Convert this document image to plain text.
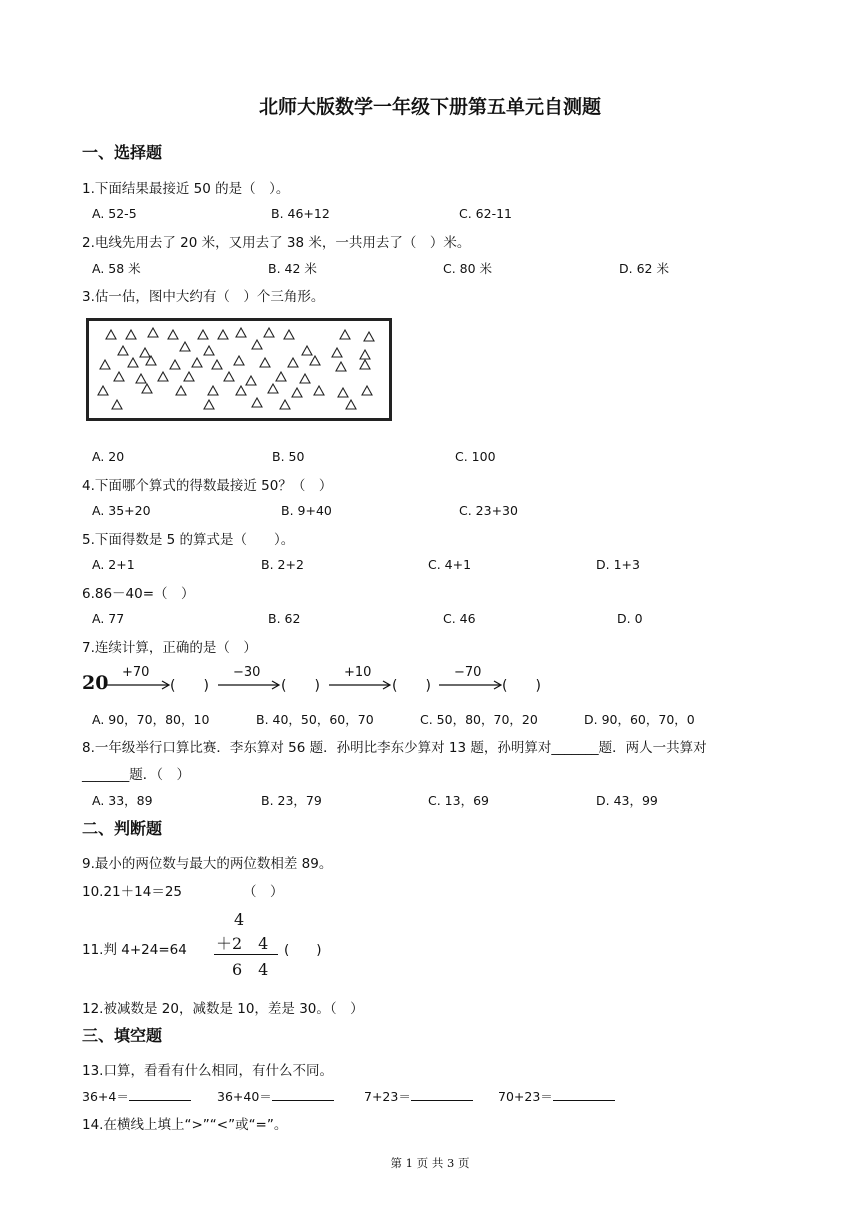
北师大版数学一年级下册第五单元自测题
一、选择题
1.下面结果最接近 50 的是（　）。
A. 52-5	B. 46+12	C. 62-11
2.电线先用去了 20 米，又用去了 38 米，一共用去了（　）米。
A. 58 米	B. 42 米	C. 80 米	D. 62 米
3.估一估，图中大约有（　）个三角形。
A. 20	B. 50	C. 100
4.下面哪个算式的得数最接近 50？（　）
A. 35+20	B. 9+40	C. 23+30
5.下面得数是 5 的算式是（　　）。
A. 2+1	B. 2+2	C. 4+1	D. 1+3
6.86－40=（　）
A. 77	B. 62	C. 46	D. 0
7.连续计算，正确的是（　）
20 +70	−30	+10	−70
(　　)	(　　)	(　　)	(　　)
A. 90，70，80，10	B. 40，50，60，70	C. 50，80，70，20	D. 90，60，70，0
8.一年级举行口算比赛．李东算对 56 题．孙明比李东少算对 13 题，孙明算对_______题．两人一共算对
_______题．（　）
A. 33，89	B. 23，79	C. 13，69	D. 43，99
二、判断题
9.最小的两位数与最大的两位数相差 89。
10.21＋14＝25	（　）
11.判 4+24=64
4
＋2　4
6　4
(　　)
12.被减数是 20，减数是 10，差是 30。（　）
三、填空题
13.口算，看看有什么相同，有什么不同。
36+4＝	36+40＝	7+23＝	70+23＝
14.在横线上填上“>”“<”或“=”。
第 1 页 共 3 页
